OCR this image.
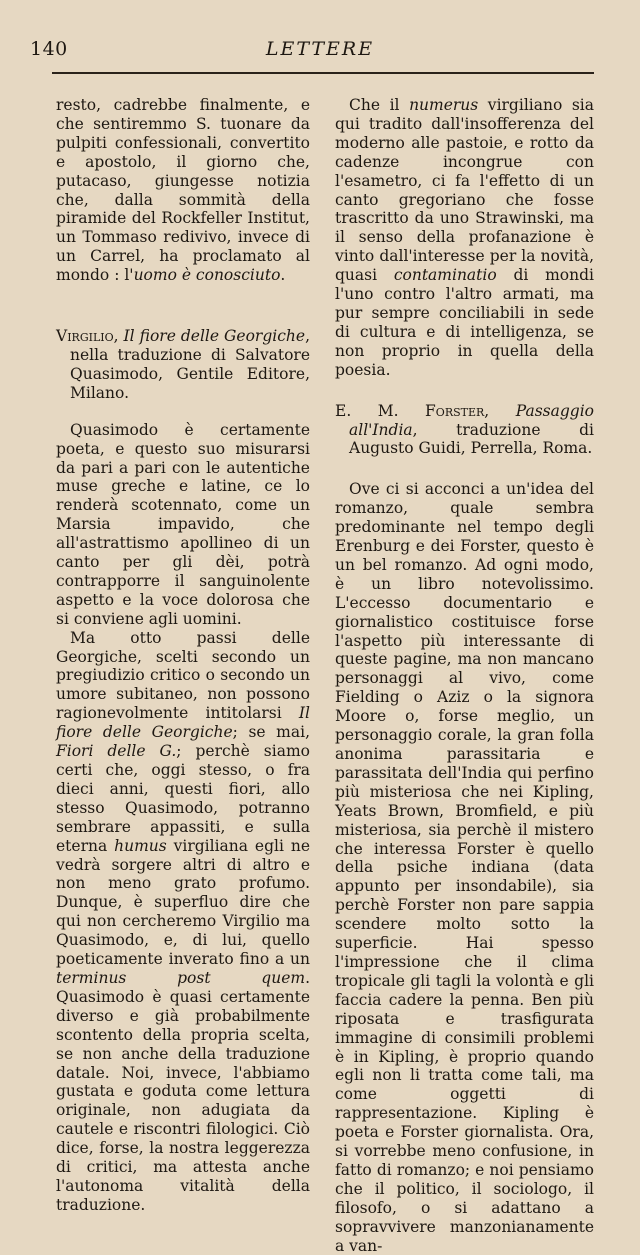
140	LETTERE

resto, cadrebbe finalmente, e che sentiremmo S. tuonare da pulpiti confessionali, convertito e apostolo, il giorno che, putacaso, giungesse notizia che, dalla sommità della piramide del Rockfeller Institut, un Tommaso redivivo, invece di un Carrel, ha proclamato al mondo : l'uomo è conosciuto.

Virgilio, Il fiore delle Georgiche, nella traduzione di Salvatore Quasimodo, Gentile Editore, Milano.

Quasimodo è certamente poeta, e questo suo misurarsi da pari a pari con le autentiche muse greche e latine, ce lo renderà scotennato, come un Marsia impavido, che all'astrattismo apollineo di un canto per gli dèi, potrà contrapporre il sanguinolente aspetto e la voce dolorosa che si conviene agli uomini.

Ma otto passi delle Georgiche, scelti secondo un pregiudizio critico o secondo un umore subitaneo, non possono ragionevolmente intitolarsi Il fiore delle Georgiche; se mai, Fiori delle G.; perchè siamo certi che, oggi stesso, o fra dieci anni, questi fiori, allo stesso Quasimodo, potranno sembrare appassiti, e sulla eterna humus virgiliana egli ne vedrà sorgere altri di altro e non meno grato profumo. Dunque, è superfluo dire che qui non cercheremo Virgilio ma Quasimodo, e, di lui, quello poeticamente inverato fino a un terminus post quem. Quasimodo è quasi certamente diverso e già probabilmente scontento della propria scelta, se non anche della traduzione datale. Noi, invece, l'abbiamo gustata e goduta come lettura originale, non adugiata da cautele e riscontri filologici. Ciò dice, forse, la nostra leggerezza di critici, ma attesta anche l'autonoma vitalità della traduzione.

Che il numerus virgiliano sia qui tradito dall'insofferenza del moderno alle pastoie, e rotto da cadenze incongrue con l'esametro, ci fa l'effetto di un canto gregoriano che fosse trascritto da uno Strawinski, ma il senso della profanazione è vinto dall'interesse per la novità, quasi contaminatio di mondi l'uno contro l'altro armati, ma pur sempre conciliabili in sede di cultura e di intelligenza, se non proprio in quella della poesia.

E. M. Forster, Passaggio all'India, traduzione di Augusto Guidi, Perrella, Roma.

Ove ci si acconci a un'idea del romanzo, quale sembra predominante nel tempo degli Erenburg e dei Forster, questo è un bel romanzo. Ad ogni modo, è un libro notevolissimo. L'eccesso documentario e giornalistico costituisce forse l'aspetto più interessante di queste pagine, ma non mancano personaggi al vivo, come Fielding o Aziz o la signora Moore o, forse meglio, un personaggio corale, la gran folla anonima parassitaria e parassitata dell'India qui perfino più misteriosa che nei Kipling, Yeats Brown, Bromfield, e più misteriosa, sia perchè il mistero che interessa Forster è quello della psiche indiana (data appunto per insondabile), sia perchè Forster non pare sappia scendere molto sotto la superficie. Hai spesso l'impressione che il clima tropicale gli tagli la volontà e gli faccia cadere la penna. Ben più riposata e trasfigurata immagine di consimili problemi è in Kipling, è proprio quando egli non li tratta come tali, ma come oggetti di rappresentazione. Kipling è poeta e Forster giornalista. Ora, si vorrebbe meno confusione, in fatto di romanzo; e noi pensiamo che il politico, il sociologo, il filosofo, o si adattano a sopravvivere manzonianamente a van-
